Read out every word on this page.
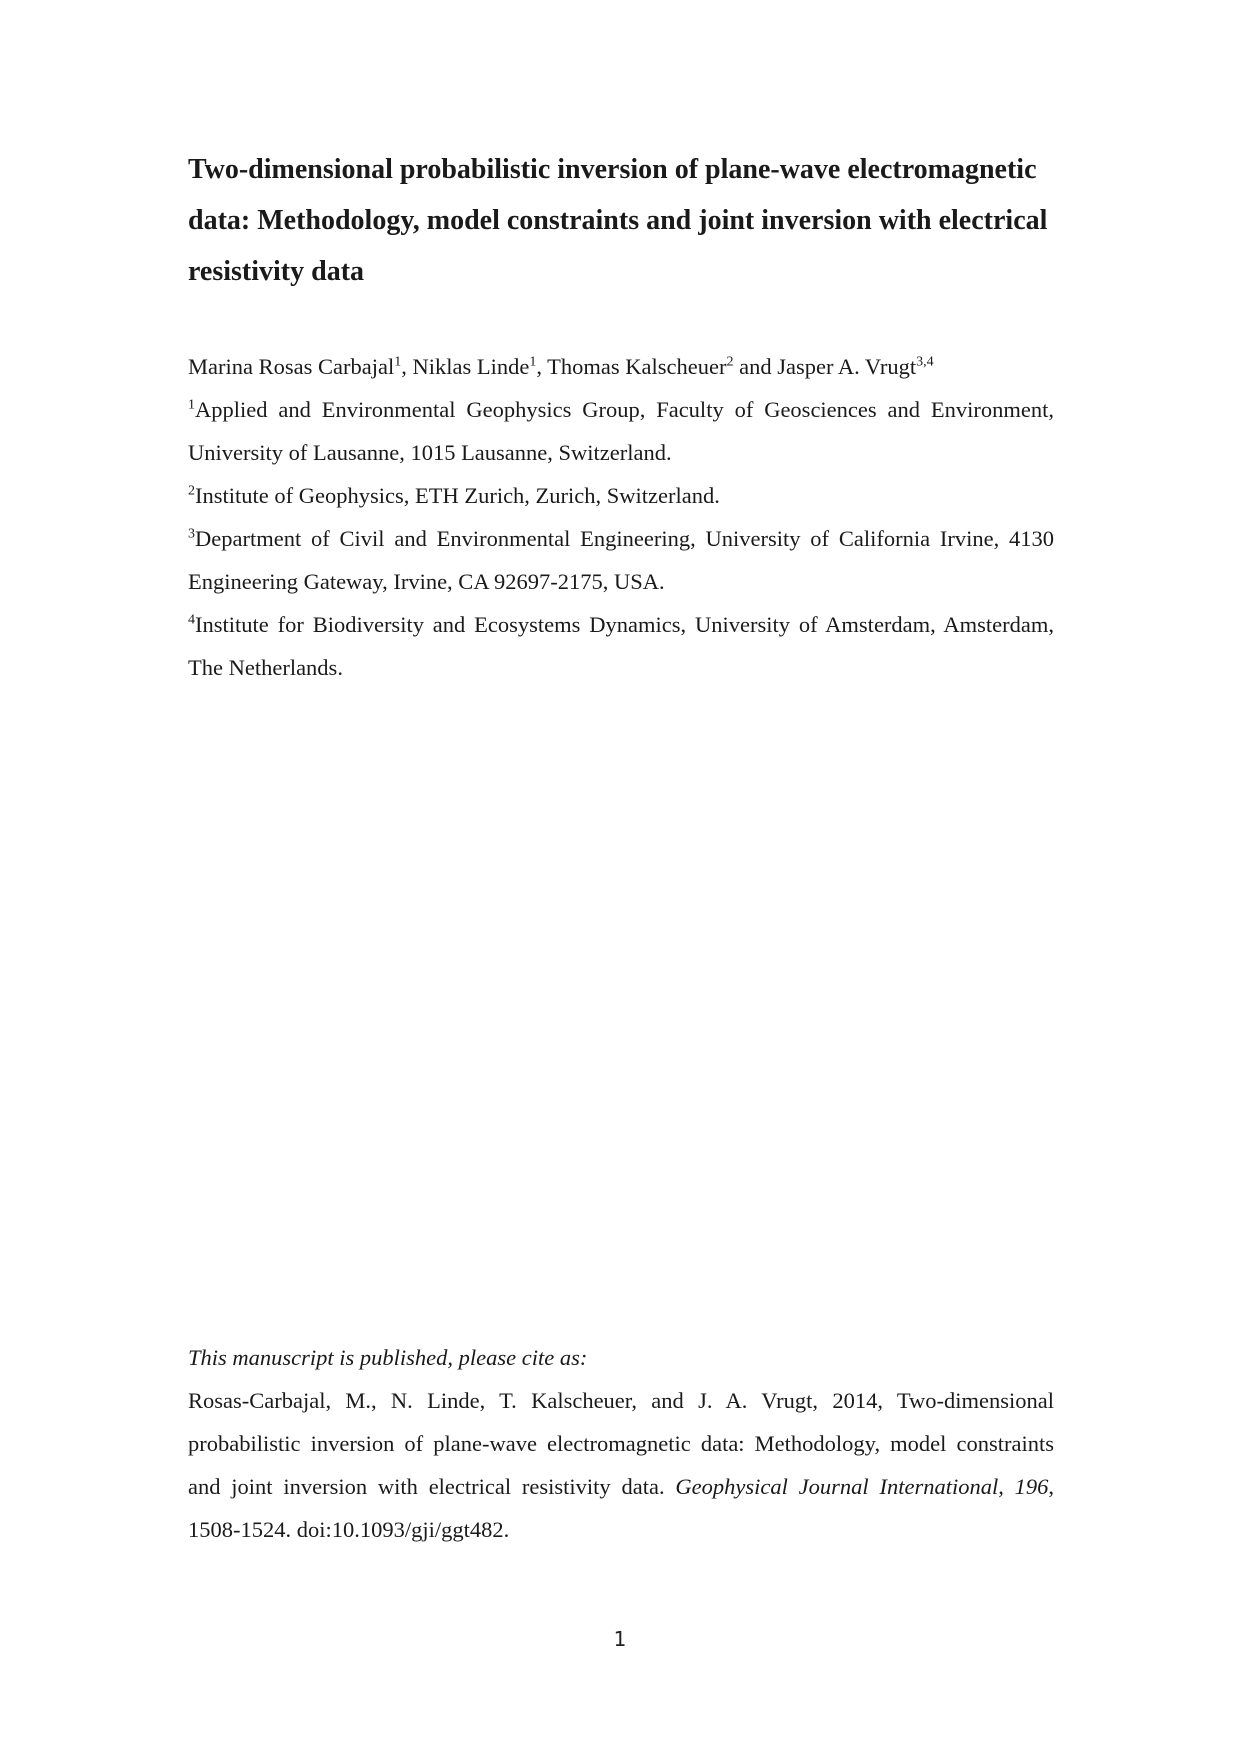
Two-dimensional probabilistic inversion of plane-wave electromagnetic data: Methodology, model constraints and joint inversion with electrical resistivity data
Marina Rosas Carbajal$^1$, Niklas Linde$^1$, Thomas Kalscheuer$^2$ and Jasper A. Vrugt$^{3,4}$
$^1$Applied and Environmental Geophysics Group, Faculty of Geosciences and Environment, University of Lausanne, 1015 Lausanne, Switzerland.
$^2$Institute of Geophysics, ETH Zurich, Zurich, Switzerland.
$^3$Department of Civil and Environmental Engineering, University of California Irvine, 4130 Engineering Gateway, Irvine, CA 92697-2175, USA.
$^4$Institute for Biodiversity and Ecosystems Dynamics, University of Amsterdam, Amsterdam, The Netherlands.
This manuscript is published, please cite as:
Rosas-Carbajal, M., N. Linde, T. Kalscheuer, and J. A. Vrugt, 2014, Two-dimensional probabilistic inversion of plane-wave electromagnetic data: Methodology, model constraints and joint inversion with electrical resistivity data. Geophysical Journal International, 196, 1508-1524. doi:10.1093/gji/ggt482.
1
